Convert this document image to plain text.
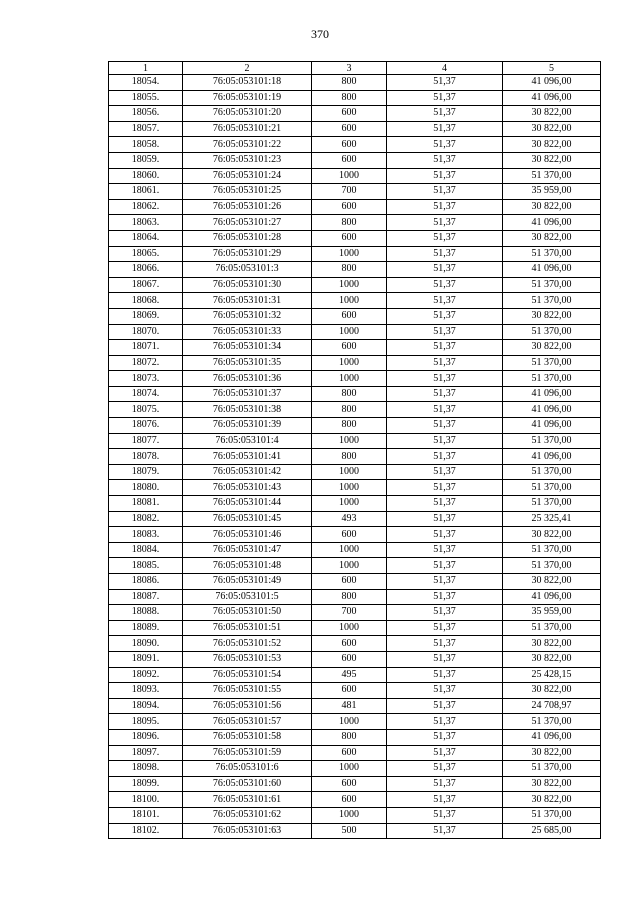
370
1	2	3	4	5
18054.	76:05:053101:18	800	51,37	41 096,00
18055.	76:05:053101:19	800	51,37	41 096,00
18056.	76:05:053101:20	600	51,37	30 822,00
18057.	76:05:053101:21	600	51,37	30 822,00
18058.	76:05:053101:22	600	51,37	30 822,00
18059.	76:05:053101:23	600	51,37	30 822,00
18060.	76:05:053101:24	1000	51,37	51 370,00
18061.	76:05:053101:25	700	51,37	35 959,00
18062.	76:05:053101:26	600	51,37	30 822,00
18063.	76:05:053101:27	800	51,37	41 096,00
18064.	76:05:053101:28	600	51,37	30 822,00
18065.	76:05:053101:29	1000	51,37	51 370,00
18066.	76:05:053101:3	800	51,37	41 096,00
18067.	76:05:053101:30	1000	51,37	51 370,00
18068.	76:05:053101:31	1000	51,37	51 370,00
18069.	76:05:053101:32	600	51,37	30 822,00
18070.	76:05:053101:33	1000	51,37	51 370,00
18071.	76:05:053101:34	600	51,37	30 822,00
18072.	76:05:053101:35	1000	51,37	51 370,00
18073.	76:05:053101:36	1000	51,37	51 370,00
18074.	76:05:053101:37	800	51,37	41 096,00
18075.	76:05:053101:38	800	51,37	41 096,00
18076.	76:05:053101:39	800	51,37	41 096,00
18077.	76:05:053101:4	1000	51,37	51 370,00
18078.	76:05:053101:41	800	51,37	41 096,00
18079.	76:05:053101:42	1000	51,37	51 370,00
18080.	76:05:053101:43	1000	51,37	51 370,00
18081.	76:05:053101:44	1000	51,37	51 370,00
18082.	76:05:053101:45	493	51,37	25 325,41
18083.	76:05:053101:46	600	51,37	30 822,00
18084.	76:05:053101:47	1000	51,37	51 370,00
18085.	76:05:053101:48	1000	51,37	51 370,00
18086.	76:05:053101:49	600	51,37	30 822,00
18087.	76:05:053101:5	800	51,37	41 096,00
18088.	76:05:053101:50	700	51,37	35 959,00
18089.	76:05:053101:51	1000	51,37	51 370,00
18090.	76:05:053101:52	600	51,37	30 822,00
18091.	76:05:053101:53	600	51,37	30 822,00
18092.	76:05:053101:54	495	51,37	25 428,15
18093.	76:05:053101:55	600	51,37	30 822,00
18094.	76:05:053101:56	481	51,37	24 708,97
18095.	76:05:053101:57	1000	51,37	51 370,00
18096.	76:05:053101:58	800	51,37	41 096,00
18097.	76:05:053101:59	600	51,37	30 822,00
18098.	76:05:053101:6	1000	51,37	51 370,00
18099.	76:05:053101:60	600	51,37	30 822,00
18100.	76:05:053101:61	600	51,37	30 822,00
18101.	76:05:053101:62	1000	51,37	51 370,00
18102.	76:05:053101:63	500	51,37	25 685,00
